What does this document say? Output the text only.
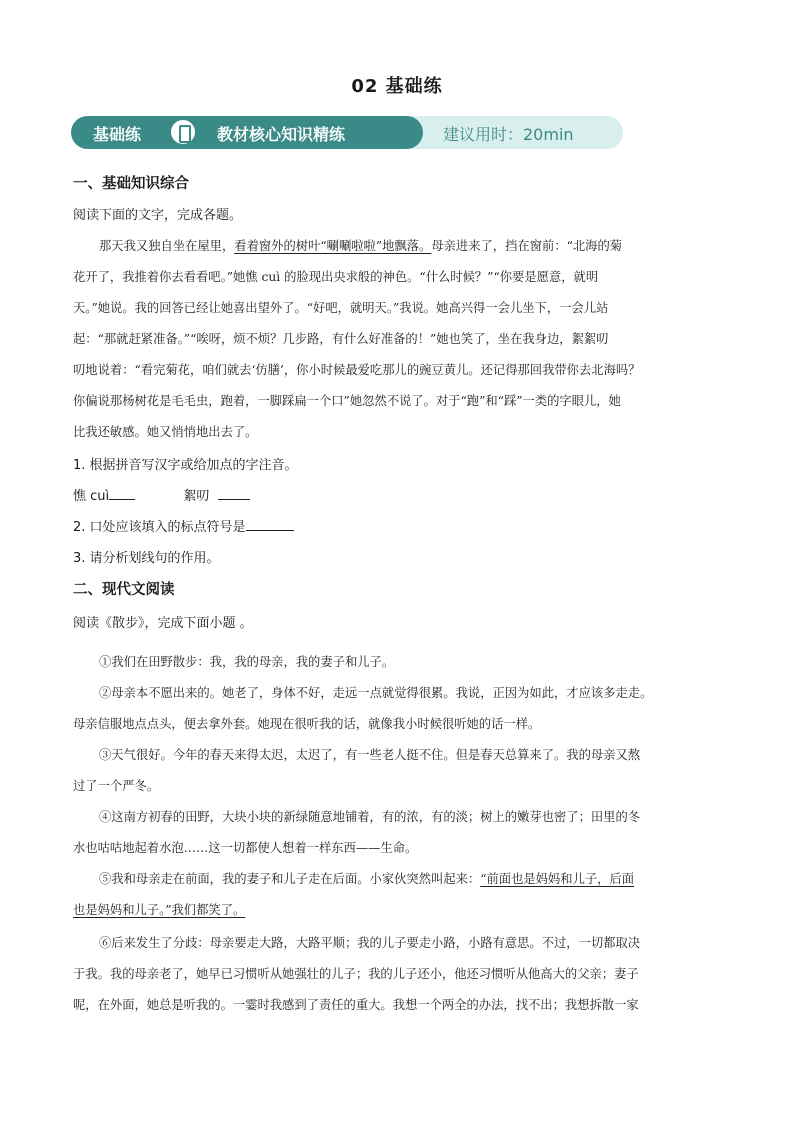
02 基础练
基础练	教材核心知识精练	建议用时：20min
一、基础知识综合
阅读下面的文字，完成各题。
那天我又独自坐在屋里，看着窗外的树叶“唰唰啦啦”地飘落。母亲进来了，挡在窗前：“北海的菊
花开了，我推着你去看看吧。”她憔 cuì 的脸现出央求般的神色。“什么时候？”“你要是愿意，就明
天。”她说。我的回答已经让她喜出望外了。“好吧，就明天。”我说。她高兴得一会儿坐下，一会儿站
起：“那就赶紧准备。”“唉呀，烦不烦？几步路，有什么好准备的！”她也笑了，坐在我身边，絮絮叨
叨地说着：“看完菊花，咱们就去‘仿膳’，你小时候最爱吃那儿的豌豆黄儿。还记得那回我带你去北海吗？
你偏说那杨树花是毛毛虫，跑着，一脚踩扁一个口”她忽然不说了。对于“跑”和“踩”一类的字眼儿，她
比我还敏感。她又悄悄地出去了。
1. 根据拼音写汉字或给加点的字注音。
憔 cuì	絮叨
2. 口处应该填入的标点符号是
3. 请分析划线句的作用。
二、现代文阅读
阅读《散步》，完成下面小题 。
①我们在田野散步：我，我的母亲，我的妻子和儿子。
②母亲本不愿出来的。她老了，身体不好，走远一点就觉得很累。我说，正因为如此，才应该多走走。
母亲信服地点点头，便去拿外套。她现在很听我的话，就像我小时候很听她的话一样。
③天气很好。今年的春天来得太迟，太迟了，有一些老人挺不住。但是春天总算来了。我的母亲又熬
过了一个严冬。
④这南方初春的田野，大块小块的新绿随意地铺着，有的浓，有的淡；树上的嫩芽也密了；田里的冬
水也咕咕地起着水泡……这一切都使人想着一样东西——生命。
⑤我和母亲走在前面，我的妻子和儿子走在后面。小家伙突然叫起来：“前面也是妈妈和儿子，后面
也是妈妈和儿子。”我们都笑了。
⑥后来发生了分歧：母亲要走大路，大路平顺；我的儿子要走小路，小路有意思。不过，一切都取决
于我。我的母亲老了，她早已习惯听从她强壮的儿子；我的儿子还小，他还习惯听从他高大的父亲；妻子
呢，在外面，她总是听我的。一霎时我感到了责任的重大。我想一个两全的办法，找不出；我想拆散一家
